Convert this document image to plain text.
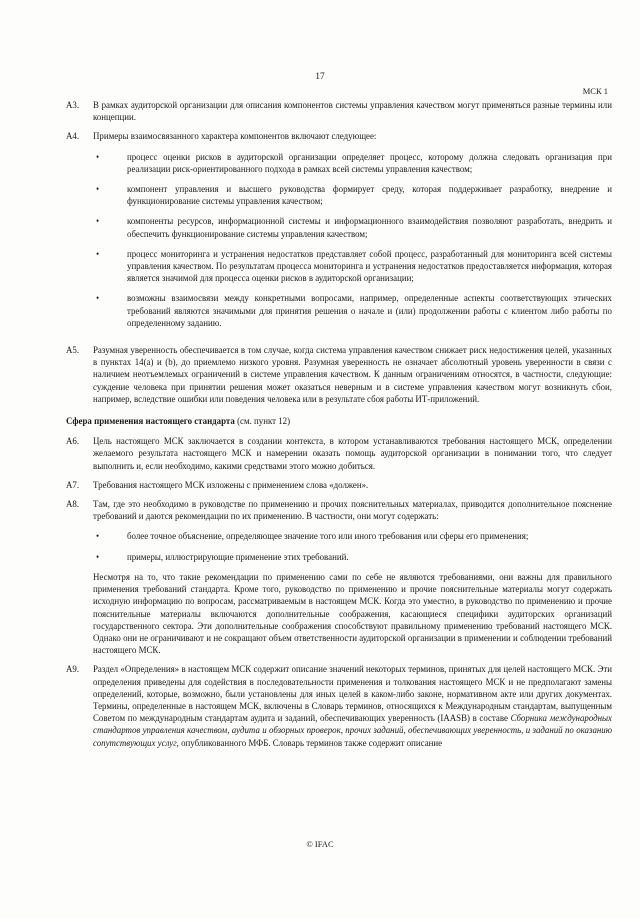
17
МСК 1
A3.	В рамках аудиторской организации для описания компонентов системы управления качеством могут применяться разные термины или концепции.
A4.	Примеры взаимосвязанного характера компонентов включают следующее:
•	процесс оценки рисков в аудиторской организации определяет процесс, которому должна следовать организация при реализации риск-ориентированного подхода в рамках всей системы управления качеством;
•	компонент управления и высшего руководства формирует среду, которая поддерживает разработку, внедрение и функционирование системы управления качеством;
•	компоненты ресурсов, информационной системы и информационного взаимодействия позволяют разработать, внедрить и обеспечить функционирование системы управления качеством;
•	процесс мониторинга и устранения недостатков представляет собой процесс, разработанный для мониторинга всей системы управления качеством. По результатам процесса мониторинга и устранения недостатков предоставляется информация, которая является значимой для процесса оценки рисков в аудиторской организации;
•	возможны взаимосвязи между конкретными вопросами, например, определенные аспекты соответствующих этических требований являются значимыми для принятия решения о начале и (или) продолжении работы с клиентом либо работы по определенному заданию.
A5.	Разумная уверенность обеспечивается в том случае, когда система управления качеством снижает риск недостижения целей, указанных в пунктах 14(a) и (b), до приемлемо низкого уровня. Разумная уверенность не означает абсолютный уровень уверенности в связи с наличием неотъемлемых ограничений в системе управления качеством. К данным ограничениям относятся, в частности, следующие: суждение человека при принятии решения может оказаться неверным и в системе управления качеством могут возникнуть сбои, например, вследствие ошибки или поведения человека или в результате сбоя работы ИТ-приложений.
Сфера применения настоящего стандарта (см. пункт 12)
A6.	Цель настоящего МСК заключается в создании контекста, в котором устанавливаются требования настоящего МСК, определении желаемого результата настоящего МСК и намерении оказать помощь аудиторской организации в понимании того, что следует выполнить и, если необходимо, какими средствами этого можно добиться.
A7.	Требования настоящего МСК изложены с применением слова «должен».
A8.	Там, где это необходимо в руководстве по применению и прочих пояснительных материалах, приводится дополнительное пояснение требований и даются рекомендации по их применению. В частности, они могут содержать:
•	более точное объяснение, определяющее значение того или иного требования или сферы его применения;
•	примеры, иллюстрирующие применение этих требований.
Несмотря на то, что такие рекомендации по применению сами по себе не являются требованиями, они важны для правильного применения требований стандарта. Кроме того, руководство по применению и прочие пояснительные материалы могут содержать исходную информацию по вопросам, рассматриваемым в настоящем МСК. Когда это уместно, в руководство по применению и прочие пояснительные материалы включаются дополнительные соображения, касающиеся специфики аудиторских организаций государственного сектора. Эти дополнительные соображения способствуют правильному применению требований настоящего МСК. Однако они не ограничивают и не сокращают объем ответственности аудиторской организации в применении и соблюдении требований настоящего МСК.
A9.	Раздел «Определения» в настоящем МСК содержит описание значений некоторых терминов, принятых для целей настоящего МСК. Эти определения приведены для содействия в последовательности применения и толкования настоящего МСК и не предполагают замены определений, которые, возможно, были установлены для иных целей в каком-либо законе, нормативном акте или других документах. Термины, определенные в настоящем МСК, включены в Словарь терминов, относящихся к Международным стандартам, выпущенным Советом по международным стандартам аудита и заданий, обеспечивающих уверенность (IAASB) в составе Сборника международных стандартов управления качеством, аудита и обзорных проверок, прочих заданий, обеспечивающих уверенность, и заданий по оказанию сопутствующих услуг, опубликованного МФБ. Словарь терминов также содержит описание
© IFAC
